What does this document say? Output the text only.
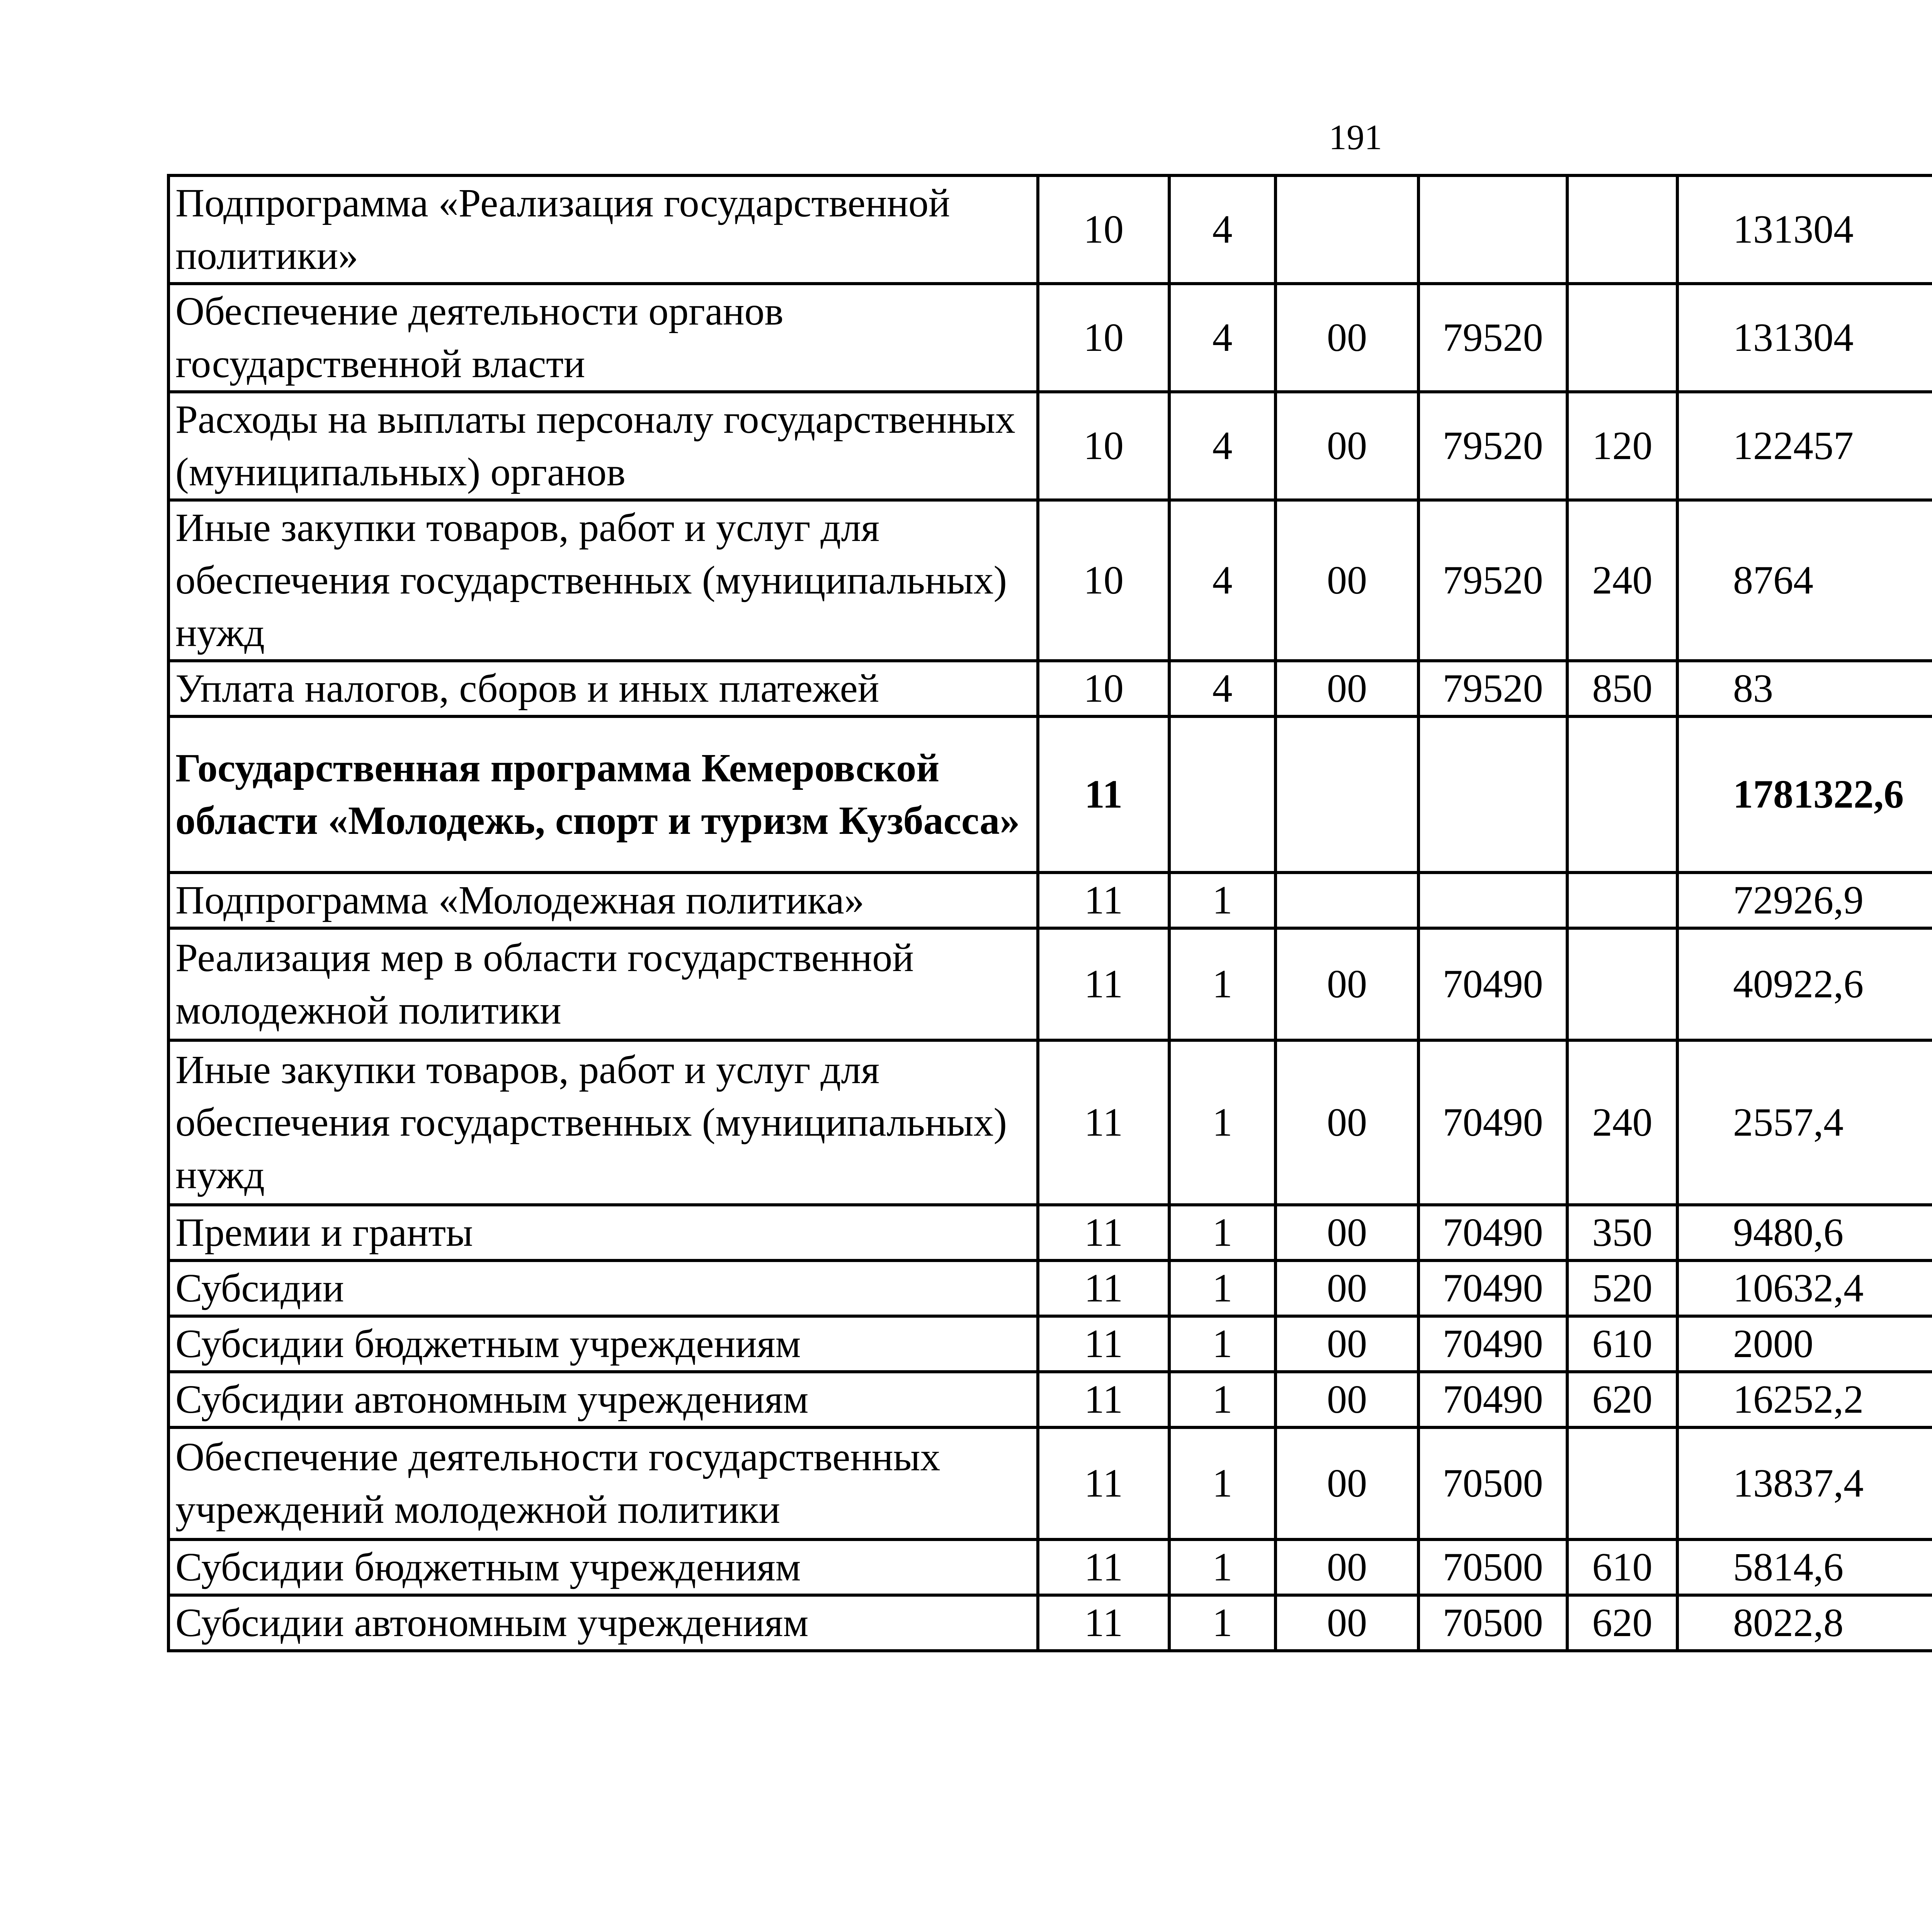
191
Подпрограмма «Реализация государственной политики»	10	4				131304		
Обеспечение деятельности органов государственной власти	10	4	00	79520		131304		
Расходы на выплаты персоналу государственных (муниципальных) органов	10	4	00	79520	120	122457		
Иные закупки товаров, работ и услуг для обеспечения государственных (муниципальных) нужд	10	4	00	79520	240	8764		
Уплата налогов, сборов и иных платежей	10	4	00	79520	850	83		
Государственная программа Кемеровской области «Молодежь, спорт и туризм Кузбасса»	11					1781322,6		
Подпрограмма «Молодежная политика»	11	1				72926,9		
Реализация мер в области государственной молодежной политики	11	1	00	70490		40922,6		
Иные закупки товаров, работ и услуг для обеспечения государственных (муниципальных) нужд	11	1	00	70490	240	2557,4		
Премии и гранты	11	1	00	70490	350	9480,6		
Субсидии	11	1	00	70490	520	10632,4		
Субсидии бюджетным учреждениям	11	1	00	70490	610	2000		
Субсидии автономным учреждениям	11	1	00	70490	620	16252,2		
Обеспечение деятельности государственных учреждений молодежной политики	11	1	00	70500		13837,4		
Субсидии бюджетным учреждениям	11	1	00	70500	610	5814,6		
Субсидии автономным учреждениям	11	1	00	70500	620	8022,8		
